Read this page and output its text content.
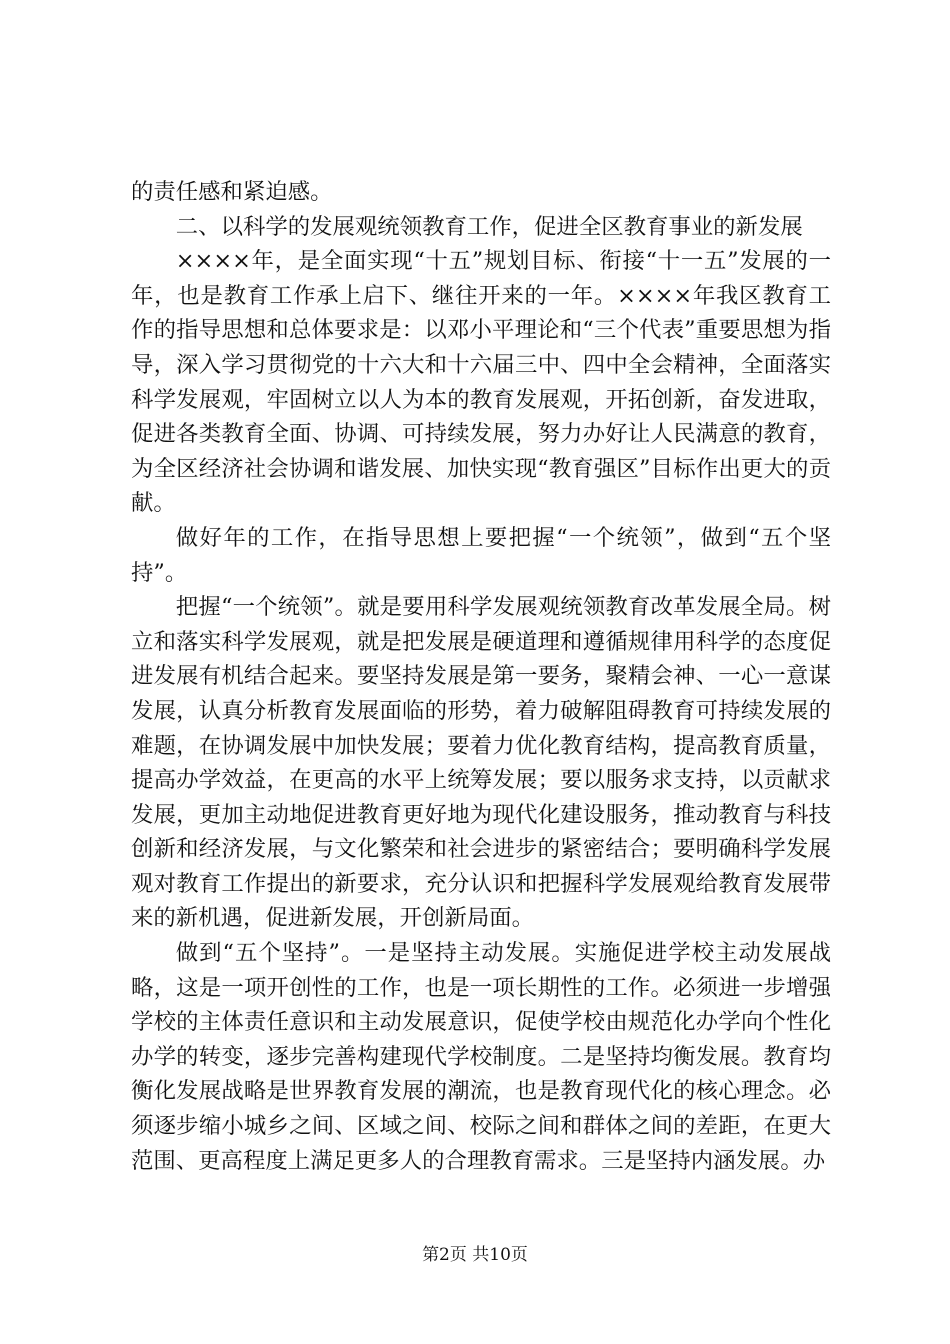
的责任感和紧迫感。

二、以科学的发展观统领教育工作，促进全区教育事业的新发展

××××年，是全面实现“十五”规划目标、衔接“十一五”发展的一年，也是教育工作承上启下、继往开来的一年。××××年我区教育工作的指导思想和总体要求是：以邓小平理论和“三个代表”重要思想为指导，深入学习贯彻党的十六大和十六届三中、四中全会精神，全面落实科学发展观，牢固树立以人为本的教育发展观，开拓创新，奋发进取，促进各类教育全面、协调、可持续发展，努力办好让人民满意的教育，为全区经济社会协调和谐发展、加快实现“教育强区”目标作出更大的贡献。

做好年的工作，在指导思想上要把握“一个统领”，做到“五个坚持”。

把握“一个统领”。就是要用科学发展观统领教育改革发展全局。树立和落实科学发展观，就是把发展是硬道理和遵循规律用科学的态度促进发展有机结合起来。要坚持发展是第一要务，聚精会神、一心一意谋发展，认真分析教育发展面临的形势，着力破解阻碍教育可持续发展的难题，在协调发展中加快发展；要着力优化教育结构，提高教育质量，提高办学效益，在更高的水平上统筹发展；要以服务求支持，以贡献求发展，更加主动地促进教育更好地为现代化建设服务，推动教育与科技创新和经济发展，与文化繁荣和社会进步的紧密结合；要明确科学发展观对教育工作提出的新要求，充分认识和把握科学发展观给教育发展带来的新机遇，促进新发展，开创新局面。

做到“五个坚持”。一是坚持主动发展。实施促进学校主动发展战略，这是一项开创性的工作，也是一项长期性的工作。必须进一步增强学校的主体责任意识和主动发展意识，促使学校由规范化办学向个性化办学的转变，逐步完善构建现代学校制度。二是坚持均衡发展。教育均衡化发展战略是世界教育发展的潮流，也是教育现代化的核心理念。必须逐步缩小城乡之间、区域之间、校际之间和群体之间的差距，在更大范围、更高程度上满足更多人的合理教育需求。三是坚持内涵发展。办

第2页 共10页
